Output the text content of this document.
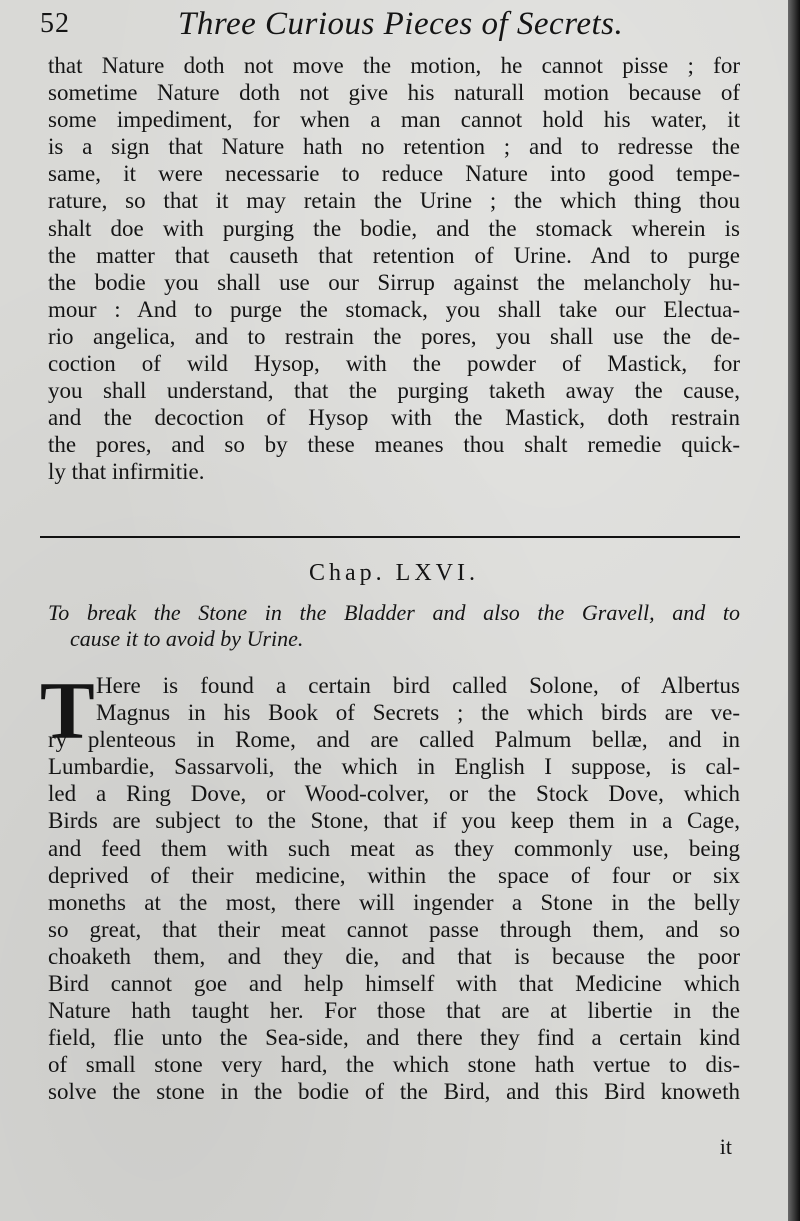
52	Three Curious Pieces of Secrets.
that Nature doth not move the motion, he cannot pisse ; for
sometime Nature doth not give his naturall motion because of
some impediment, for when a man cannot hold his water, it
is a sign that Nature hath no retention ; and to redresse the
same, it were necessarie to reduce Nature into good tempe-
rature, so that it may retain the Urine ; the which thing thou
shalt doe with purging the bodie, and the stomack wherein is
the matter that causeth that retention of Urine. And to purge
the bodie you shall use our Sirrup against the melancholy hu-
mour : And to purge the stomack, you shall take our Electua-
rio angelica, and to restrain the pores, you shall use the de-
coction of wild Hysop, with the powder of Mastick, for
you shall understand, that the purging taketh away the cause,
and the decoction of Hysop with the Mastick, doth restrain
the pores, and so by these meanes thou shalt remedie quick-
ly that infirmitie.
Chap. LXVI.
To break the Stone in the Bladder and also the Gravell, and to
cause it to avoid by Urine.
T Here is found a certain bird called Solone, of Albertus
Magnus in his Book of Secrets ; the which birds are ve-
ry plenteous in Rome, and are called Palmum bellæ, and in
Lumbardie, Sassarvoli, the which in English I suppose, is cal-
led a Ring Dove, or Wood-colver, or the Stock Dove, which
Birds are subject to the Stone, that if you keep them in a Cage,
and feed them with such meat as they commonly use, being
deprived of their medicine, within the space of four or six
moneths at the most, there will ingender a Stone in the belly
so great, that their meat cannot passe through them, and so
choaketh them, and they die, and that is because the poor
Bird cannot goe and help himself with that Medicine which
Nature hath taught her. For those that are at libertie in the
field, flie unto the Sea-side, and there they find a certain kind
of small stone very hard, the which stone hath vertue to dis-
solve the stone in the bodie of the Bird, and this Bird knoweth
it
